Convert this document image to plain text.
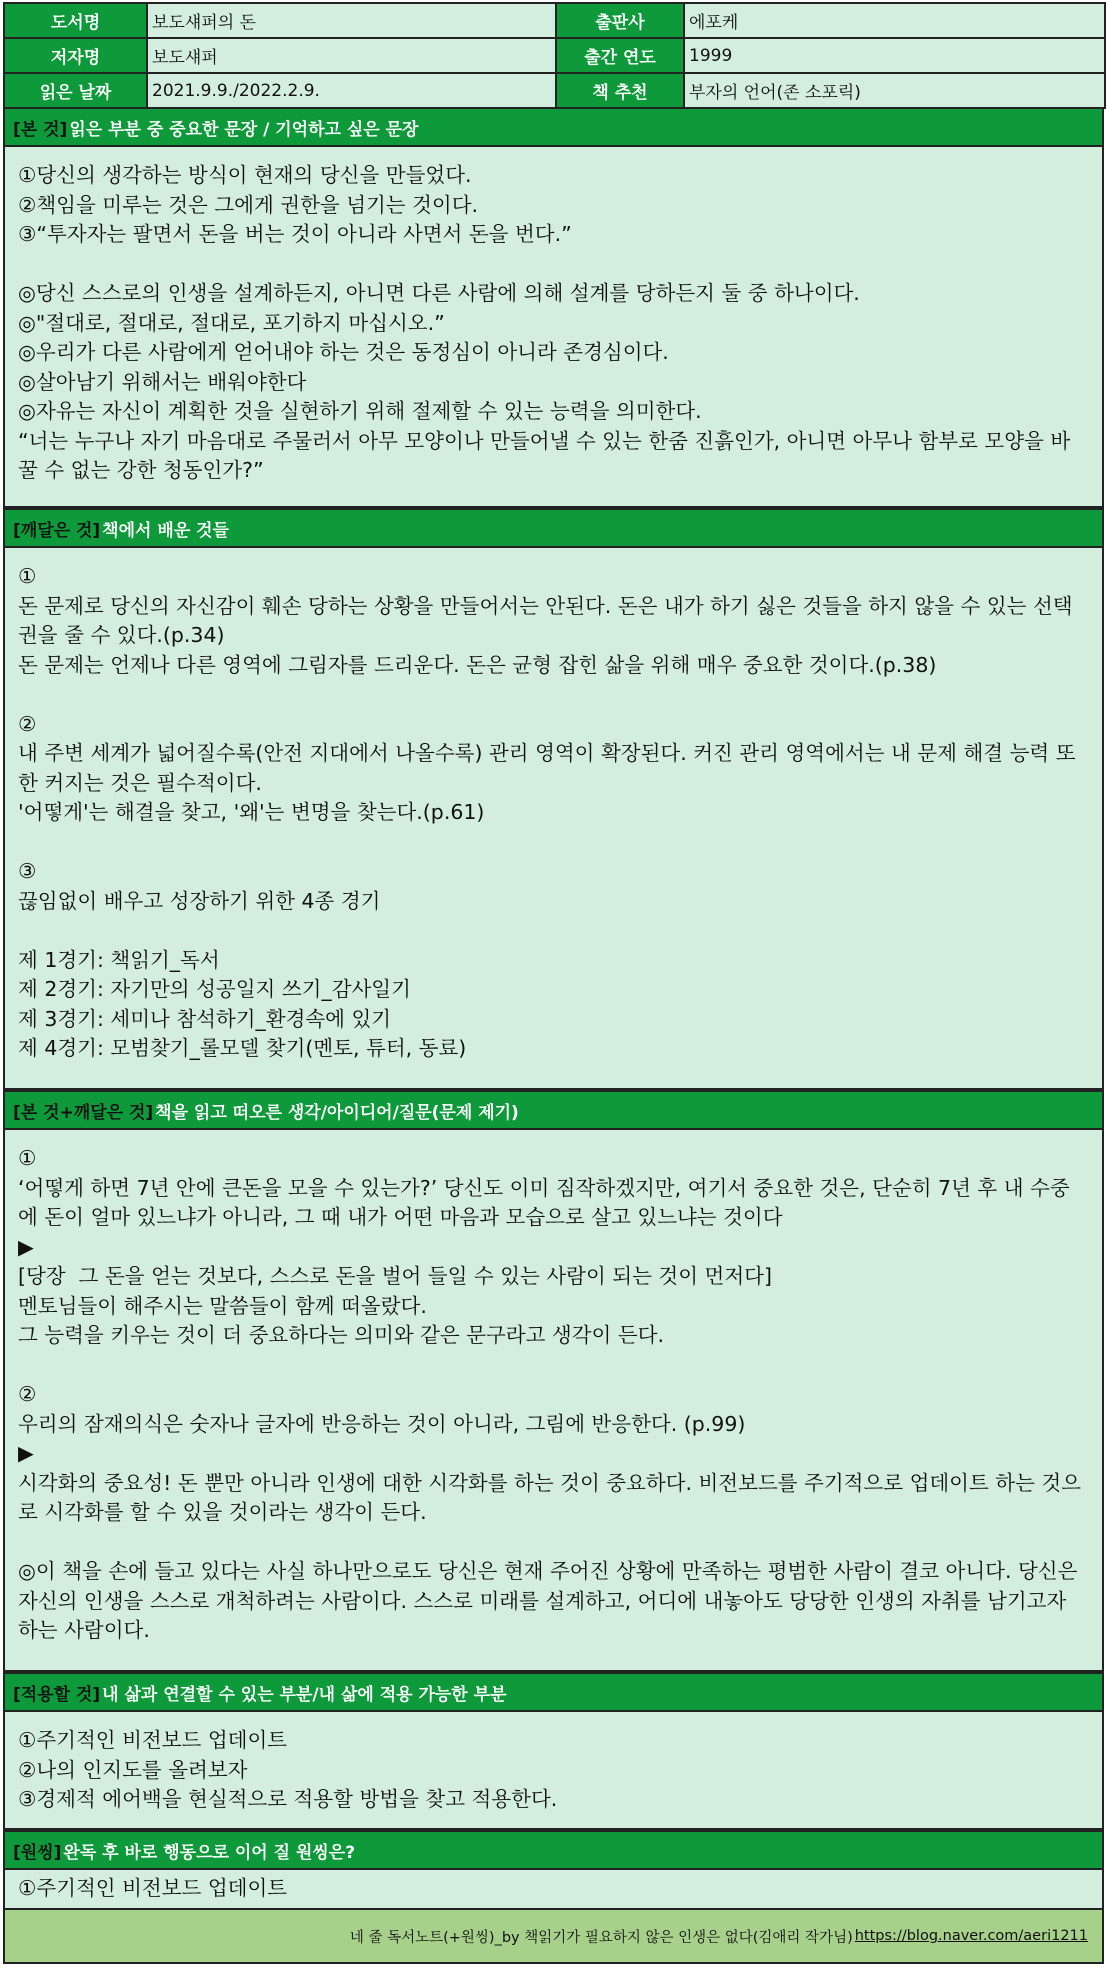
도서명	보도섀퍼의 돈	출판사	에포케
저자명	보도섀퍼	출간 연도	1999
읽은 날짜	2021.9.9./2022.2.9.	책 추천	부자의 언어(존 소포릭)
[본 것] 읽은 부분 중 중요한 문장 / 기억하고 싶은 문장
①당신의 생각하는 방식이 현재의 당신을 만들었다.
②책임을 미루는 것은 그에게 권한을 넘기는 것이다.
③“투자자는 팔면서 돈을 버는 것이 아니라 사면서 돈을 번다.”

◎당신 스스로의 인생을 설계하든지, 아니면 다른 사람에 의해 설계를 당하든지 둘 중 하나이다.
◎"절대로, 절대로, 절대로, 포기하지 마십시오.”
◎우리가 다른 사람에게 얻어내야 하는 것은 동정심이 아니라 존경심이다.
◎살아남기 위해서는 배워야한다
◎자유는 자신이 계획한 것을 실현하기 위해 절제할 수 있는 능력을 의미한다.
“너는 누구나 자기 마음대로 주물러서 아무 모양이나 만들어낼 수 있는 한줌 진흙인가, 아니면 아무나 함부로 모양을 바꿀 수 없는 강한 청동인가?”
[깨달은 것] 책에서 배운 것들
①
돈 문제로 당신의 자신감이 훼손 당하는 상황을 만들어서는 안된다. 돈은 내가 하기 싫은 것들을 하지 않을 수 있는 선택권을 줄 수 있다.(p.34)
돈 문제는 언제나 다른 영역에 그림자를 드리운다. 돈은 균형 잡힌 삶을 위해 매우 중요한 것이다.(p.38)

②
내 주변 세계가 넓어질수록(안전 지대에서 나올수록) 관리 영역이 확장된다. 커진 관리 영역에서는 내 문제 해결 능력 또한 커지는 것은 필수적이다.
'어떻게'는 해결을 찾고, '왜'는 변명을 찾는다.(p.61)

③
끊임없이 배우고 성장하기 위한 4종 경기

제 1경기: 책읽기_독서
제 2경기: 자기만의 성공일지 쓰기_감사일기
제 3경기: 세미나 참석하기_환경속에 있기
제 4경기: 모범찾기_롤모델 찾기(멘토, 튜터, 동료)
[본 것+깨달은 것] 책을 읽고 떠오른 생각/아이디어/질문(문제 제기)
①
‘어떻게 하면 7년 안에 큰돈을 모을 수 있는가?’ 당신도 이미 짐작하겠지만, 여기서 중요한 것은, 단순히 7년 후 내 수중에 돈이 얼마 있느냐가 아니라, 그 때 내가 어떤 마음과 모습으로 살고 있느냐는 것이다
▶
[당장  그 돈을 얻는 것보다, 스스로 돈을 벌어 들일 수 있는 사람이 되는 것이 먼저다]
멘토님들이 해주시는 말씀들이 함께 떠올랐다.
그 능력을 키우는 것이 더 중요하다는 의미와 같은 문구라고 생각이 든다.

②
우리의 잠재의식은 숫자나 글자에 반응하는 것이 아니라, 그림에 반응한다. (p.99)
▶
시각화의 중요성! 돈 뿐만 아니라 인생에 대한 시각화를 하는 것이 중요하다. 비전보드를 주기적으로 업데이트 하는 것으로 시각화를 할 수 있을 것이라는 생각이 든다.

◎이 책을 손에 들고 있다는 사실 하나만으로도 당신은 현재 주어진 상황에 만족하는 평범한 사람이 결코 아니다. 당신은 자신의 인생을 스스로 개척하려는 사람이다. 스스로 미래를 설계하고, 어디에 내놓아도 당당한 인생의 자취를 남기고자 하는 사람이다.
[적용할 것] 내 삶과 연결할 수 있는 부분/내 삶에 적용 가능한 부분
①주기적인 비전보드 업데이트
②나의 인지도를 올려보자
③경제적 에어백을 현실적으로 적용할 방법을 찾고 적용한다.
[원씽] 완독 후 바로 행동으로 이어 질 원씽은?
①주기적인 비전보드 업데이트
네 줄 독서노트(+원씽)_by 책읽기가 필요하지 않은 인생은 없다(김애리 작가님) https://blog.naver.com/aeri1211
